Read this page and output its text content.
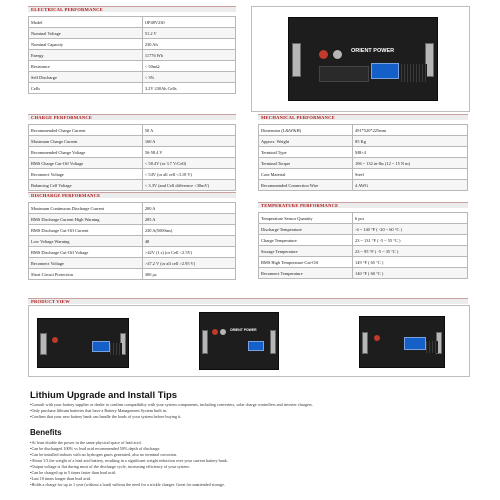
ELECTRICAL PERFORMANCE
Model	OP48V230
Nominal Voltage	51.2 V
Nominal Capacity	230 Ah
Energy	11776 Wh
Resistance	< 50mΩ
Self Discharge	< 3%
Cells	3.2V 230Ah Cells
ORIENT POWER
CHARGE PERFORMANCE
Recommended Charge Current	50 A
Maximum Charge Current	160 A
Recommended Charge Voltage	56-58.4 V
BMS Charge Cut-Off Voltage	< 58.4V (or 3.7 V/Cell)
Reconnect Voltage	< 54V (or all cell <3.18 V)
Balancing Cell Voltage	< 3.3V (and Cell difference <30mV)
MECHANICAL PERFORMANCE
Dimension (L&W&H)	491*520*225mm
Approx. Weight	85 Kg
Terminal Type	M8×4
Terminal Torque	106 ~ 132 in-lbs (12 ~ 15 N m)
Case Material	Steel
Recommended Connection Wire	4 AWG
DISCHARGE PERFORMANCE
Maximum Continuous Discharge Current	200 A
BMS Discharge Current High Warning	205 A
BMS Discharge Cut-Off Current	230 A(5000ms)
Low Voltage Warning	48
BMS Discharge Cut-Off Voltage	>42V (1 s) (or Cell <2.5V)
Reconnect Voltage	>47.2 V (or all cell >2.95 V)
Short Circuit Protection	300 μs
TEMPERATURE PERFORMANCE
Temperature Sensor Quantity	6 pcs
Discharge Temperature	-4 ~ 140 °F ( -20 ~ 60 °C )
Charge Temperature	23 ~ 131 °F ( -5 ~ 55 °C )
Storage Temperature	23 ~ 95 °F ( -5 ~ 35 °C )
BMS High Temperature Cut-Off	149 °F ( 65 °C )
Reconnect Temperature	140 °F ( 60 °C )
PRODUCT VIEW
ORIENT POWER
Lithium Upgrade and Install Tips
•Consult with your battery supplier or dealer to confirm compatibility with your system components, including converters, solar charge controllers and inverter chargers.
•Only purchase lithium batteries that have a Battery Management System built in.
•Confirm that your new battery bank can handle the loads of your system before buying it.
Benefits
•At least double the power in the same physical space of lead acid.
•Can be discharged 100% vs lead acid recommended 50% depth of discharge.
•Can be installed indoors with no hydrogen gases generated, also no terminal corrosion.
•About 1/3 the weight of a lead acid battery, resulting in a significant weight reduction over your current battery bank.
•Output voltage is flat during most of the discharge cycle, increasing efficiency of your system.
•Can be charged up to 5 times faster than lead acid.
•Last 10 times longer than lead acid.
•Holds a charge for up to 1 year (without a load) without the need for a trickle charger. Great for unattended storage.
